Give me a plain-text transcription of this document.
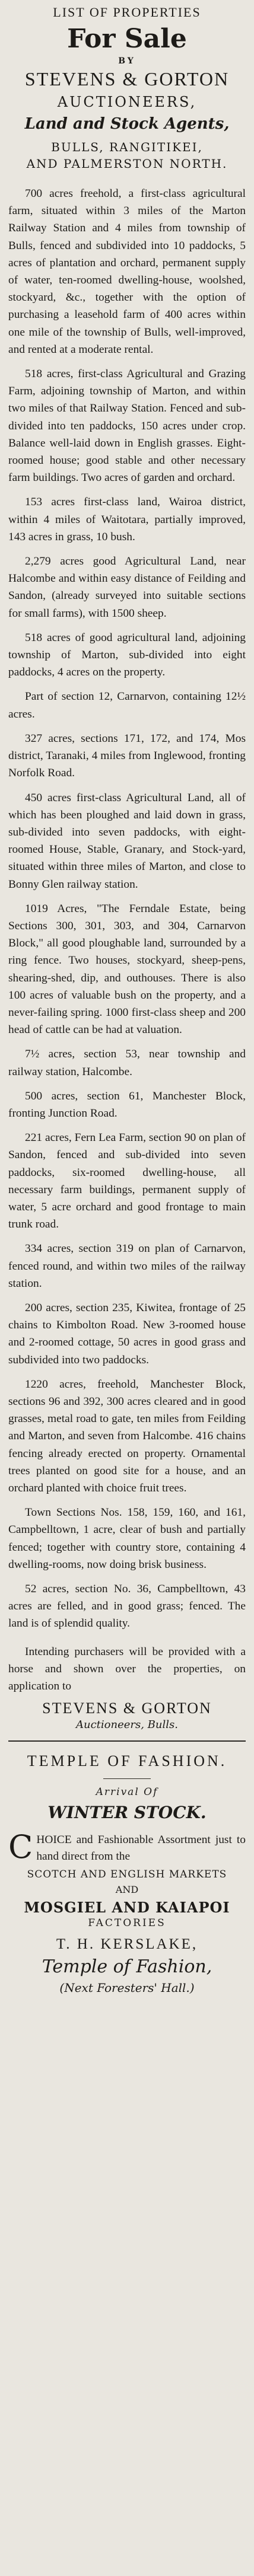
LIST OF PROPERTIES
For Sale
BY
STEVENS & GORTON
AUCTIONEERS,
Land and Stock Agents,
BULLS, RANGITIKEI,
AND PALMERSTON NORTH.

700 acres freehold, a first-class agricultural farm, situated within 3 miles of the Marton Railway Station and 4 miles from township of Bulls, fenced and subdivided into 10 paddocks, 5 acres of plantation and orchard, permanent supply of water, ten-roomed dwelling-house, woolshed, stockyard, &c., together with the option of purchasing a leasehold farm of 400 acres within one mile of the township of Bulls, well-improved, and rented at a moderate rental.

518 acres, first-class Agricultural and Grazing Farm, adjoining township of Marton, and within two miles of that Railway Station. Fenced and sub-divided into ten paddocks, 150 acres under crop. Balance well-laid down in English grasses. Eight-roomed house; good stable and other necessary farm buildings. Two acres of garden and orchard.

153 acres first-class land, Wairoa district, within 4 miles of Waitotara, partially improved, 143 acres in grass, 10 bush.

2,279 acres good Agricultural Land, near Halcombe and within easy distance of Feilding and Sandon, (already surveyed into suitable sections for small farms), with 1500 sheep.

518 acres of good agricultural land, adjoining township of Marton, sub-divided into eight paddocks, 4 acres on the property.

Part of section 12, Carnarvon, containing 12½ acres.

327 acres, sections 171, 172, and 174, Mos district, Taranaki, 4 miles from Inglewood, fronting Norfolk Road.

450 acres first-class Agricultural Land, all of which has been ploughed and laid down in grass, sub-divided into seven paddocks, with eight-roomed House, Stable, Granary, and Stock-yard, situated within three miles of Marton, and close to Bonny Glen railway station.

1019 Acres, "The Ferndale Estate, being Sections 300, 301, 303, and 304, Carnarvon Block," all good ploughable land, surrounded by a ring fence. Two houses, stockyard, sheep-pens, shearing-shed, dip, and outhouses. There is also 100 acres of valuable bush on the property, and a never-failing spring. 1000 first-class sheep and 200 head of cattle can be had at valuation.

7½ acres, section 53, near township and railway station, Halcombe.

500 acres, section 61, Manchester Block, fronting Junction Road.

221 acres, Fern Lea Farm, section 90 on plan of Sandon, fenced and sub-divided into seven paddocks, six-roomed dwelling-house, all necessary farm buildings, permanent supply of water, 5 acre orchard and good frontage to main trunk road.

334 acres, section 319 on plan of Carnarvon, fenced round, and within two miles of the railway station.

200 acres, section 235, Kiwitea, frontage of 25 chains to Kimbolton Road. New 3-roomed house and 2-roomed cottage, 50 acres in good grass and subdivided into two paddocks.

1220 acres, freehold, Manchester Block, sections 96 and 392, 300 acres cleared and in good grasses, metal road to gate, ten miles from Feilding and Marton, and seven from Halcombe. 416 chains fencing already erected on property. Ornamental trees planted on good site for a house, and an orchard planted with choice fruit trees.

Town Sections Nos. 158, 159, 160, and 161, Campbelltown, 1 acre, clear of bush and partially fenced; together with country store, containing 4 dwelling-rooms, now doing brisk business.

52 acres, section No. 36, Campbelltown, 43 acres are felled, and in good grass; fenced. The land is of splendid quality.

Intending purchasers will be provided with a horse and shown over the properties, on application to

STEVENS & GORTON
Auctioneers, Bulls.
TEMPLE OF FASHION.
Arrival Of
WINTER STOCK.

CHOICE and Fashionable Assortment just to hand direct from the

SCOTCH AND ENGLISH MARKETS
AND
MOSGIEL AND KAIAPOI
FACTORIES
T. H. KERSLAKE,
Temple of Fashion,
(Next Foresters' Hall.)
